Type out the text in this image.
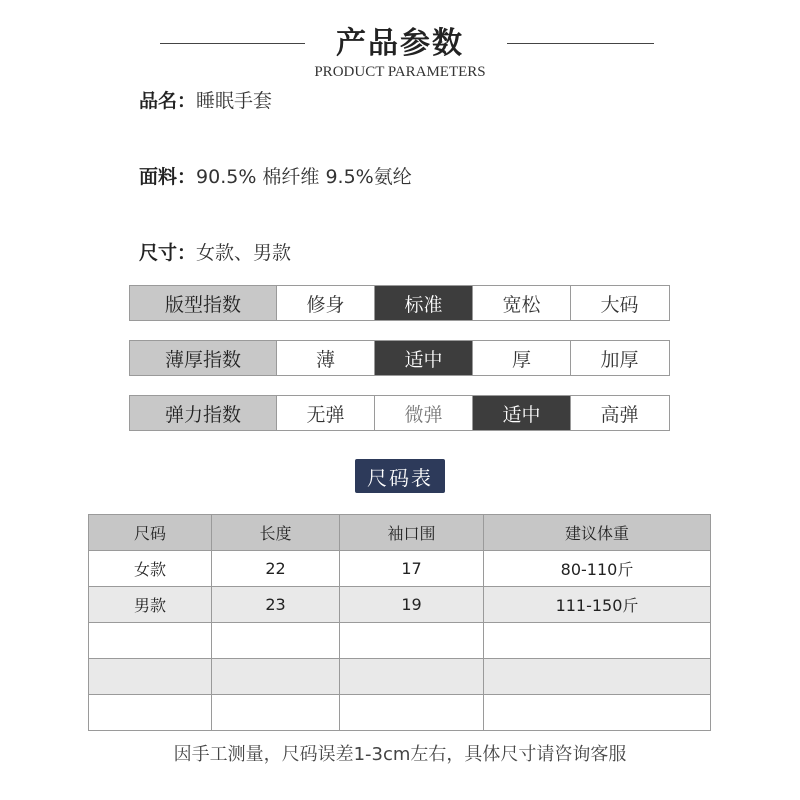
产品参数
PRODUCT PARAMETERS
品名：睡眠手套
面料：90.5% 棉纤维 9.5%氨纶
尺寸：女款、男款
版型指数	修身	标准	宽松	大码
薄厚指数	薄	适中	厚	加厚
弹力指数	无弹	微弹	适中	高弹
尺码表
尺码	长度	袖口围	建议体重
女款	22	17	80-110斤
男款	23	19	111-150斤

因手工测量，尺码误差1-3cm左右，具体尺寸请咨询客服
